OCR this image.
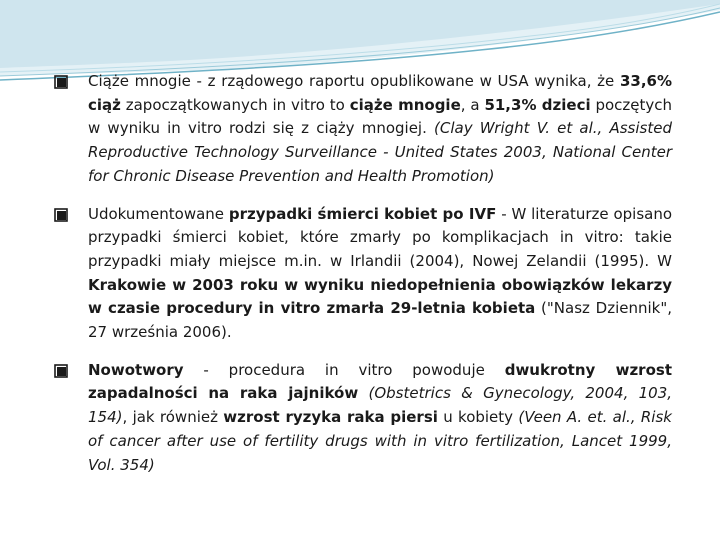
Ciąże mnogie - z rządowego raportu opublikowane w USA wynika, że 33,6% ciąż zapoczątkowanych in vitro to ciąże mnogie, a 51,3% dzieci poczętych w wyniku in vitro rodzi się z ciąży mnogiej. (Clay Wright V. et al., Assisted Reproductive Technology Surveillance - United States 2003, National Center for Chronic Disease Prevention and Health Promotion)

Udokumentowane przypadki śmierci kobiet po IVF - W literaturze opisano przypadki śmierci kobiet, które zmarły po komplikacjach in vitro: takie przypadki miały miejsce m.in. w Irlandii (2004), Nowej Zelandii (1995). W Krakowie w 2003 roku w wyniku niedopełnienia obowiązków lekarzy w czasie procedury in vitro zmarła 29-letnia kobieta ("Nasz Dziennik", 27 września 2006).

Nowotwory - procedura in vitro powoduje dwukrotny wzrost zapadalności na raka jajników (Obstetrics & Gynecology, 2004, 103, 154), jak również wzrost ryzyka raka piersi u kobiety (Veen A. et. al., Risk of cancer after use of fertility drugs with in vitro fertilization, Lancet 1999, Vol. 354)
